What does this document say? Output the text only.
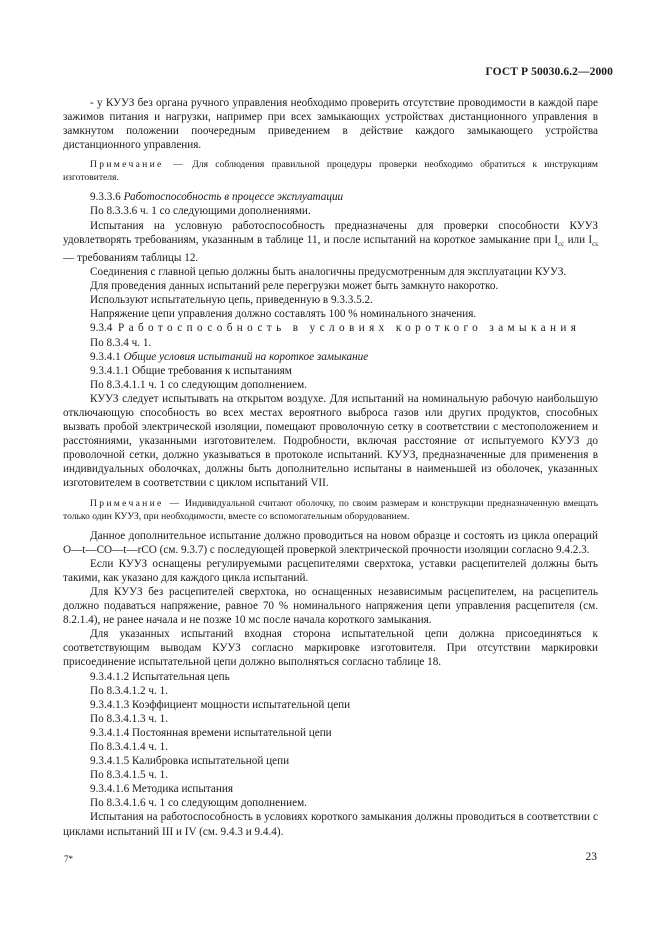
ГОСТ Р 50030.6.2—2000

- у КУУЗ без органа ручного управления необходимо проверить отсутствие проводимости в каждой паре зажимов питания и нагрузки, например при всех замыкающих устройствах дистанционного управления в замкнутом положении поочередным приведением в действие каждого замыкающего устройства дистанционного управления.

Примечание — Для соблюдения правильной процедуры проверки необходимо обратиться к инструкциям изготовителя.

9.3.3.6 Работоспособность в процессе эксплуатации

По 8.3.3.6 ч. 1 со следующими дополнениями.

Испытания на условную работоспособность предназначены для проверки способности КУУЗ удовлетворять требованиям, указанным в таблице 11, и после испытаний на короткое замыкание при $I_{cc}$ или $I_{cs}$ — требованиям таблицы 12.

Соединения с главной цепью должны быть аналогичны предусмотренным для эксплуатации КУУЗ.

Для проведения данных испытаний реле перегрузки может быть замкнуто накоротко.

Используют испытательную цепь, приведенную в 9.3.3.5.2.

Напряжение цепи управления должно составлять 100 % номинального значения.

9.3.4 Работоспособность в условиях короткого замыкания

По 8.3.4 ч. 1.

9.3.4.1 Общие условия испытаний на короткое замыкание

9.3.4.1.1 Общие требования к испытаниям

По 8.3.4.1.1 ч. 1 со следующим дополнением.

КУУЗ следует испытывать на открытом воздухе. Для испытаний на номинальную рабочую наибольшую отключающую способность во всех местах вероятного выброса газов или других продуктов, способных вызвать пробой электрической изоляции, помещают проволочную сетку в соответствии с местоположением и расстояниями, указанными изготовителем. Подробности, включая расстояние от испытуемого КУУЗ до проволочной сетки, должно указываться в протоколе испытаний. КУУЗ, предназначенные для применения в индивидуальных оболочках, должны быть дополнительно испытаны в наименьшей из оболочек, указанных изготовителем в соответствии с циклом испытаний VII.

Примечание — Индивидуальной считают оболочку, по своим размерам и конструкции предназначенную вмещать только один КУУЗ, при необходимости, вместе со вспомогательным оборудованием.

Данное дополнительное испытание должно проводиться на новом образце и состоять из цикла операций O—t—CO—t—rCO (см. 9.3.7) с последующей проверкой электрической прочности изоляции согласно 9.4.2.3.

Если КУУЗ оснащены регулируемыми расцепителями сверхтока, уставки расцепителей должны быть такими, как указано для каждого цикла испытаний.

Для КУУЗ без расцепителей сверхтока, но оснащенных независимым расцепителем, на расцепитель должно подаваться напряжение, равное 70 % номинального напряжения цепи управления расцепителя (см. 8.2.1.4), не ранее начала и не позже 10 мс после начала короткого замыкания.

Для указанных испытаний входная сторона испытательной цепи должна присоединяться к соответствующим выводам КУУЗ согласно маркировке изготовителя. При отсутствии маркировки присоединение испытательной цепи должно выполняться согласно таблице 18.

9.3.4.1.2 Испытательная цепь

По 8.3.4.1.2 ч. 1.

9.3.4.1.3 Коэффициент мощности испытательной цепи

По 8.3.4.1.3 ч. 1.

9.3.4.1.4 Постоянная времени испытательной цепи

По 8.3.4.1.4 ч. 1.

9.3.4.1.5 Калибровка испытательной цепи

По 8.3.4.1.5 ч. 1.

9.3.4.1.6 Методика испытания

По 8.3.4.1.6 ч. 1 со следующим дополнением.

Испытания на работоспособность в условиях короткого замыкания должны проводиться в соответствии с циклами испытаний III и IV (см. 9.4.3 и 9.4.4).

7*	23
